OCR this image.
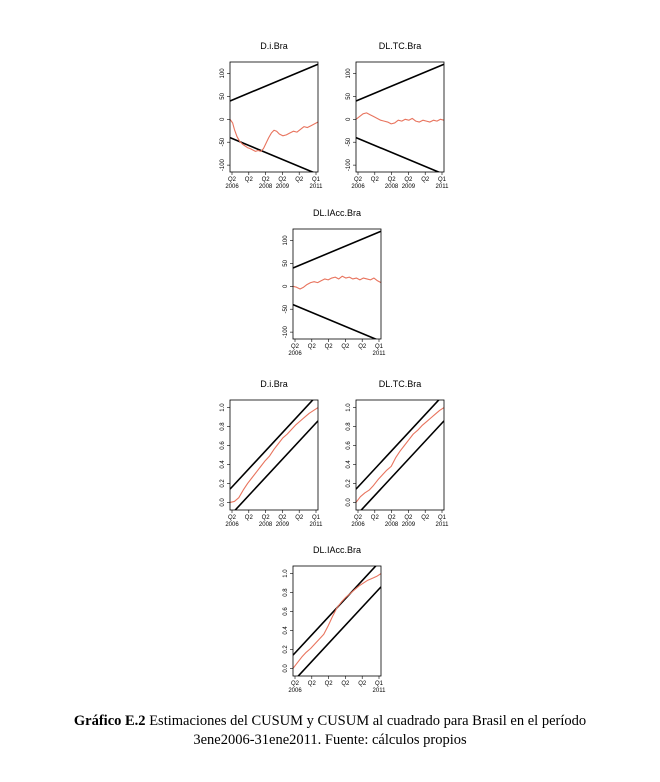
D.i.Bra
-100
-50
0
50
100
Q2
2006
Q2 Q2
2008
Q2
2009
Q2 Q1
2011
DL.TC.Bra
-100
-50
0
50
100
Q2
2006
Q2 Q2
2008
Q2
2009
Q2 Q1
2011
DL.IAcc.Bra
-100
-50
0
50
100
Q2
2006
Q2 Q2 Q2 Q2 Q1
2011
D.i.Bra
0.0
0.2
0.4
0.6
0.8
1.0
Q2
2006
Q2 Q2
2008
Q2
2009
Q2 Q1
2011
DL.TC.Bra
0.0
0.2
0.4
0.6
0.8
1.0
Q2
2006
Q2 Q2
2008
Q2
2009
Q2 Q1
2011
DL.IAcc.Bra
0.0
0.2
0.4
0.6
0.8
1.0
Q2
2006
Q2 Q2 Q2 Q2 Q1
2011
Gráfico E.2 Estimaciones del CUSUM y CUSUM al cuadrado para Brasil en el período
3ene2006-31ene2011. Fuente: cálculos propios
